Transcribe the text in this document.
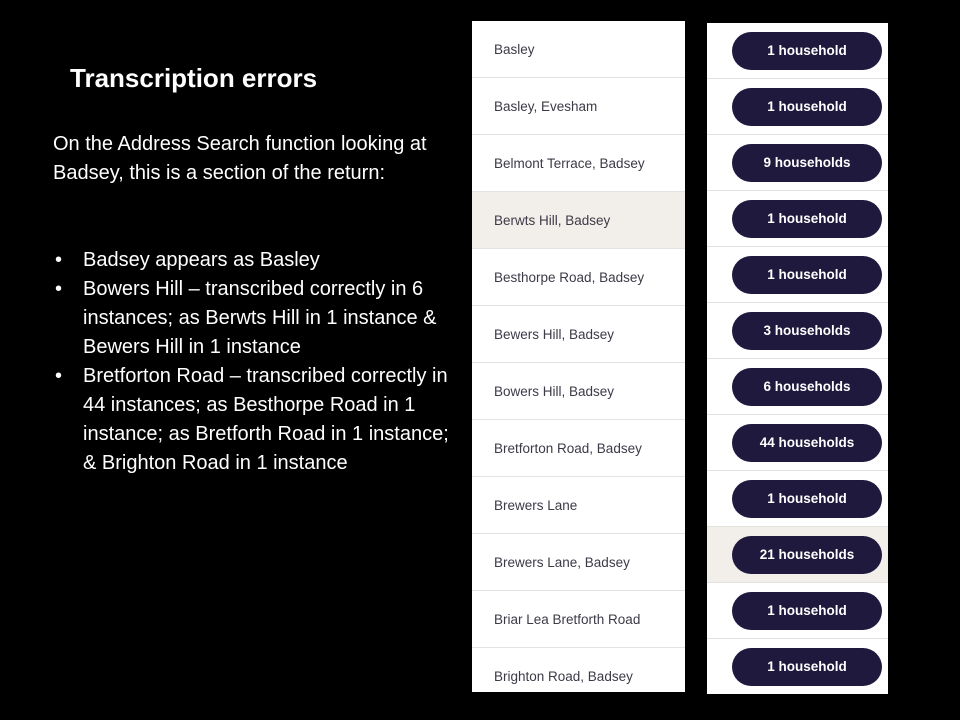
Transcription errors

On the Address Search function looking at Badsey, this is a section of the return:

• Badsey appears as Basley
• Bowers Hill – transcribed correctly in 6 instances; as Berwts Hill in 1 instance & Bewers Hill in 1 instance
• Bretforton Road – transcribed correctly in 44 instances; as Besthorpe Road in 1 instance; as Bretforth Road in 1 instance; & Brighton Road in 1 instance
Basley
Basley, Evesham
Belmont Terrace, Badsey
Berwts Hill, Badsey
Besthorpe Road, Badsey
Bewers Hill, Badsey
Bowers Hill, Badsey
Bretforton Road, Badsey
Brewers Lane
Brewers Lane, Badsey
Briar Lea Bretforth Road
Brighton Road, Badsey
1 household
1 household
9 households
1 household
1 household
3 households
6 households
44 households
1 household
21 households
1 household
1 household
